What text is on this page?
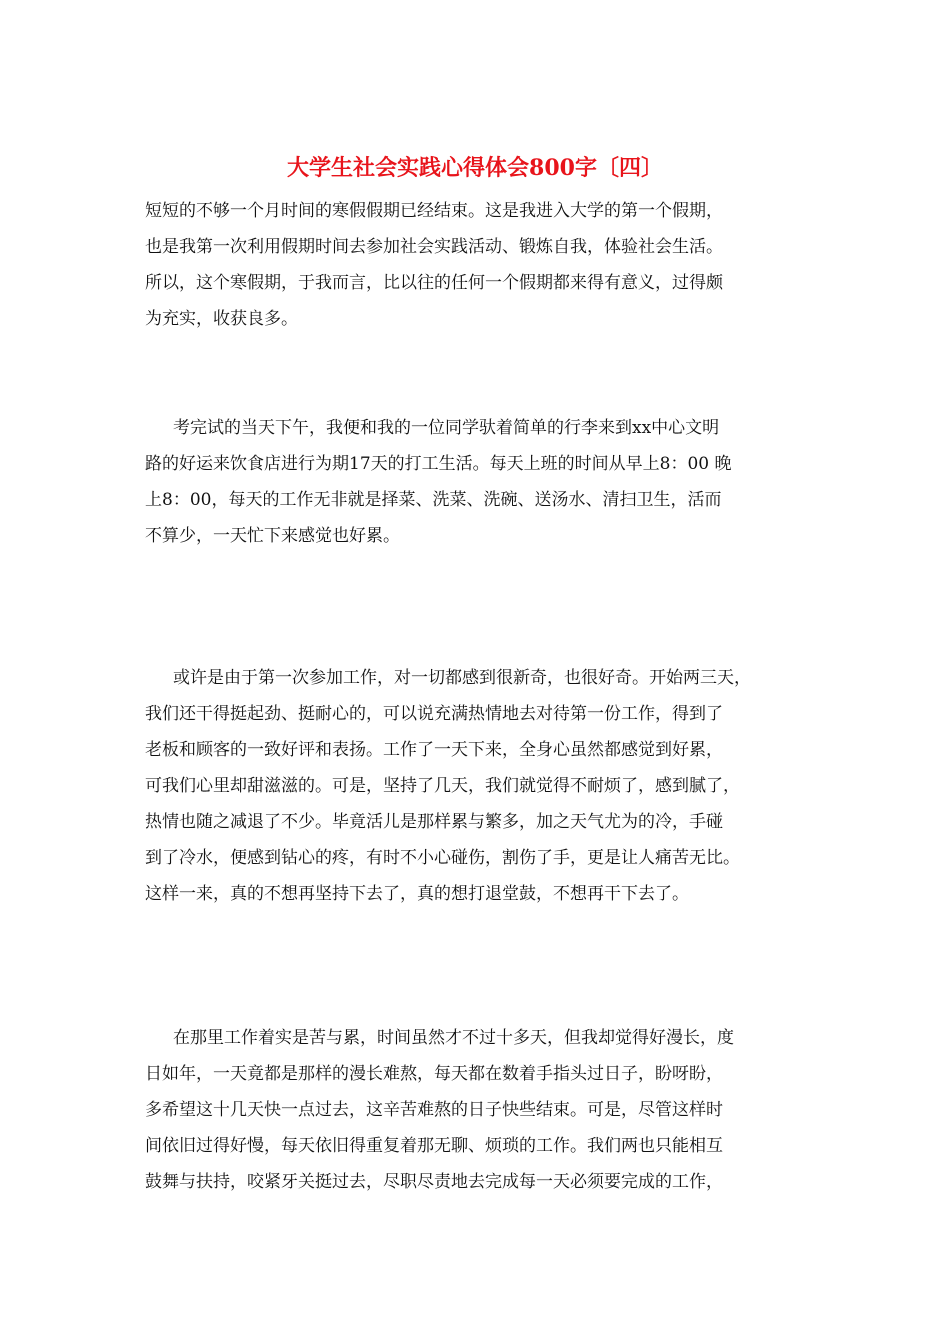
大学生社会实践心得体会800字〔四〕
短短的不够一个月时间的寒假假期已经结束。这是我进入大学的第一个假期，
也是我第一次利用假期时间去参加社会实践活动、锻炼自我，体验社会生活。
所以，这个寒假期，于我而言，比以往的任何一个假期都来得有意义，过得颇
为充实，收获良多。
考完试的当天下午，我便和我的一位同学驮着简单的行李来到xx中心文明
路的好运来饮食店进行为期17天的打工生活。每天上班的时间从早上8：00 晚
上8：00，每天的工作无非就是择菜、洗菜、洗碗、送汤水、清扫卫生，活而
不算少，一天忙下来感觉也好累。
或许是由于第一次参加工作，对一切都感到很新奇，也很好奇。开始两三天，
我们还干得挺起劲、挺耐心的，可以说充满热情地去对待第一份工作，得到了
老板和顾客的一致好评和表扬。工作了一天下来，全身心虽然都感觉到好累，
可我们心里却甜滋滋的。可是，坚持了几天，我们就觉得不耐烦了，感到腻了，
热情也随之减退了不少。毕竟活儿是那样累与繁多，加之天气尤为的冷，手碰
到了冷水，便感到钻心的疼，有时不小心碰伤，割伤了手，更是让人痛苦无比。
这样一来，真的不想再坚持下去了，真的想打退堂鼓，不想再干下去了。
在那里工作着实是苦与累，时间虽然才不过十多天，但我却觉得好漫长，度
日如年，一天竟都是那样的漫长难熬，每天都在数着手指头过日子，盼呀盼，
多希望这十几天快一点过去，这辛苦难熬的日子快些结束。可是，尽管这样时
间依旧过得好慢，每天依旧得重复着那无聊、烦琐的工作。我们两也只能相互
鼓舞与扶持，咬紧牙关挺过去，尽职尽责地去完成每一天必须要完成的工作，
